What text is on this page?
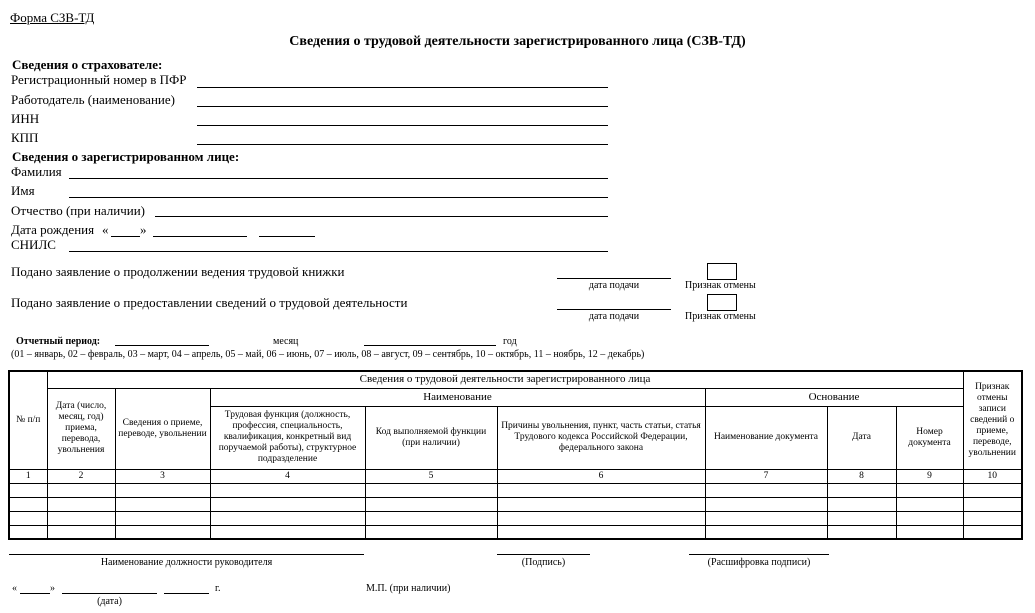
Форма СЗВ-ТД
Сведения о трудовой деятельности зарегистрированного лица (СЗВ-ТД)
Сведения о страхователе:
Регистрационный номер в ПФР
Работодатель (наименование)
ИНН
КПП
Сведения о зарегистрированном лице:
Фамилия
Имя
Отчество (при наличии)
Дата рождения « »
СНИЛС
Подано заявление о продолжении ведения трудовой книжки
дата подачи	Признак отмены
Подано заявление о предоставлении сведений о трудовой деятельности
дата подачи	Признак отмены
Отчетный период:	месяц	год
(01 – январь, 02 – февраль, 03 – март, 04 – апрель, 05 – май, 06 – июнь, 07 – июль, 08 – август, 09 – сентябрь, 10 – октябрь, 11 – ноябрь, 12 – декабрь)
№ п/п	Сведения о трудовой деятельности зарегистрированного лица								Признак отмены записи сведений о приеме, переводе, увольнении
	Дата (число, месяц, год) приема, перевода, увольнения	Сведения о приеме, переводе, увольнении	Наименование			Основание			
			Трудовая функция (должность, профессия, специальность, квалификация, конкретный вид поручаемой работы), структурное подразделение	Код выполняемой функции (при наличии)	Причины увольнения, пункт, часть статьи, статья Трудового кодекса Российской Федерации, федерального закона	Наименование документа	Дата	Номер документа	
1	2	3	4	5	6	7	8	9	10

Наименование должности руководителя	(Подпись)	(Расшифровка подписи)
«	»	г.
(дата)
М.П. (при наличии)
